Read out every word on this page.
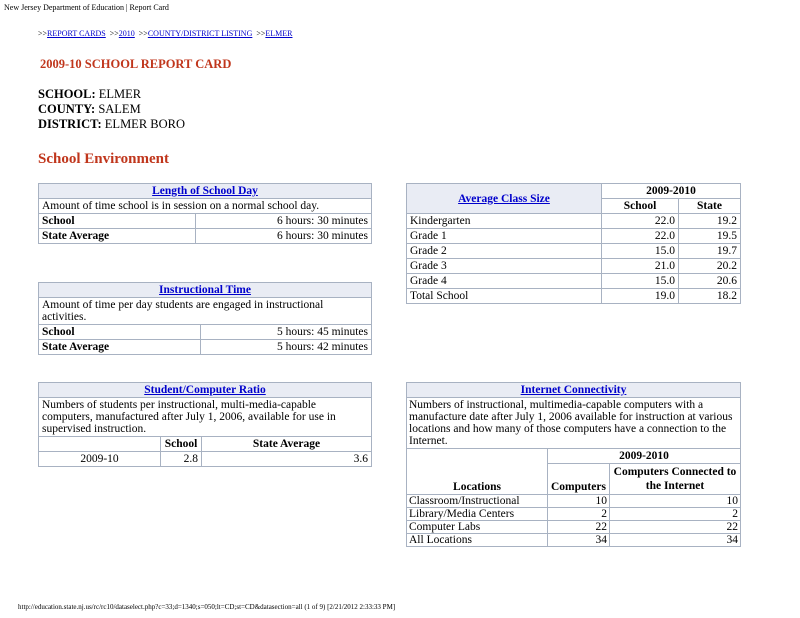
New Jersey Department of Education | Report Card
>>REPORT CARDS >>2010 >>COUNTY/DISTRICT LISTING >>ELMER
2009-10 SCHOOL REPORT CARD
SCHOOL: ELMER
COUNTY: SALEM
DISTRICT: ELMER BORO
School Environment
Length of School Day	
Amount of time school is in session on a normal school day.	
School	6 hours: 30 minutes
State Average	6 hours: 30 minutes
Instructional Time	
Amount of time per day students are engaged in instructional activities.	
School	5 hours: 45 minutes
State Average	5 hours: 42 minutes
Student/Computer Ratio		
Numbers of students per instructional, multi-media-capable computers, manufactured after July 1, 2006, available for use in supervised instruction.		
	School	State Average
2009-10	2.8	3.6
Average Class Size	2009-2010	
	School	State
Kindergarten	22.0	19.2
Grade 1	22.0	19.5
Grade 2	15.0	19.7
Grade 3	21.0	20.2
Grade 4	15.0	20.6
Total School	19.0	18.2
Internet Connectivity		
Numbers of instructional, multimedia-capable computers with a manufacture date after July 1, 2006 available for instruction at various locations and how many of those computers have a connection to the Internet.		
Locations	2009-2010	
	Computers	Computers Connected to the Internet
Classroom/Instructional	10	10
Library/Media Centers	2	2
Computer Labs	22	22
All Locations	34	34
http://education.state.nj.us/rc/rc10/dataselect.php?c=33;d=1340;s=050;lt=CD;st=CD&datasection=all (1 of 9) [2/21/2012 2:33:33 PM]
